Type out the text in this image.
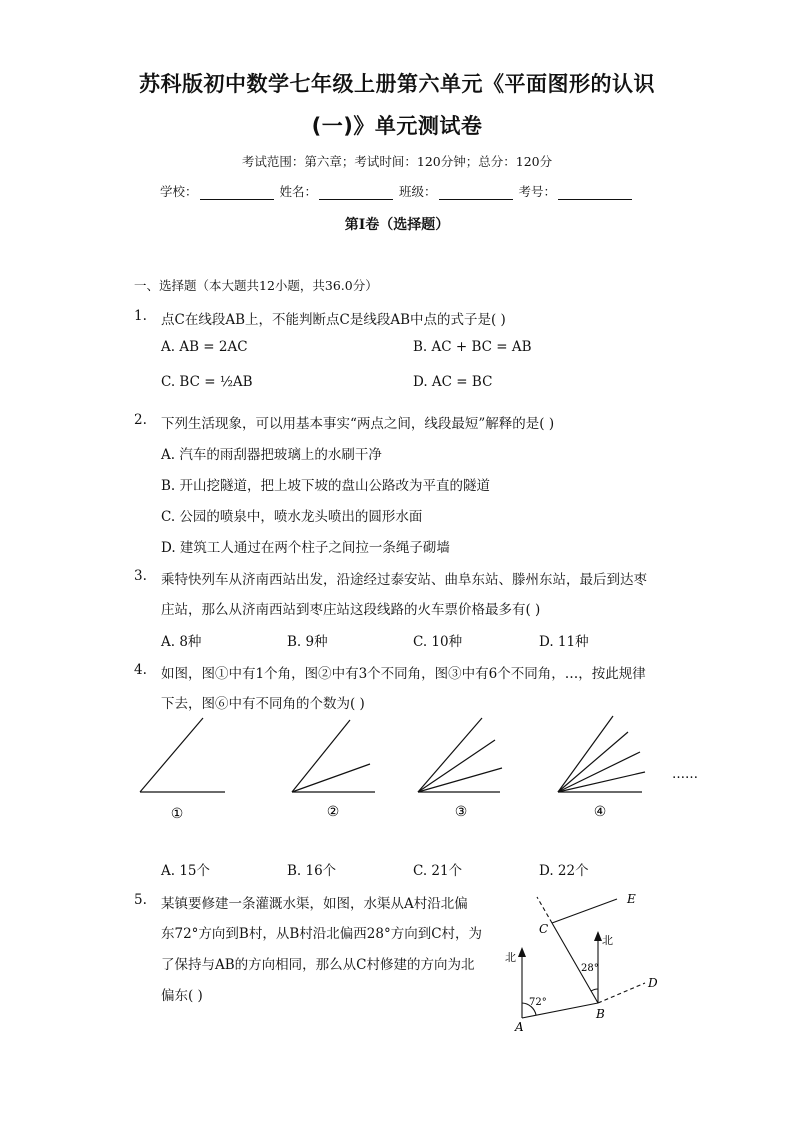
苏科版初中数学七年级上册第六单元《平面图形的认识
(一)》单元测试卷
考试范围：第六章；考试时间：120分钟；总分：120分
学校：	姓名：	班级：	考号：
第I卷（选择题）
一、选择题（本大题共12小题，共36.0分）
1. 点C在线段AB上，不能判断点C是线段AB中点的式子是( )
A. AB = 2AC	B. AC + BC = AB
C. BC = ½AB	D. AC = BC
2. 下列生活现象，可以用基本事实“两点之间，线段最短”解释的是( )
A. 汽车的雨刮器把玻璃上的水刷干净
B. 开山挖隧道，把上坡下坡的盘山公路改为平直的隧道
C. 公园的喷泉中，喷水龙头喷出的圆形水面
D. 建筑工人通过在两个柱子之间拉一条绳子砌墙
3. 乘特快列车从济南西站出发，沿途经过泰安站、曲阜东站、滕州东站，最后到达枣
庄站，那么从济南西站到枣庄站这段线路的火车票价格最多有( )
A. 8种	B. 9种	C. 10种	D. 11种
4. 如图，图①中有1个角，图②中有3个不同角，图③中有6个不同角，…，按此规律
下去，图⑥中有不同角的个数为( )
①	②	③	④
……
A. 15个	B. 16个	C. 21个	D. 22个
5. 某镇要修建一条灌溉水渠，如图，水渠从A村沿北偏
东72°方向到B村，从B村沿北偏西28°方向到C村，为
了保持与AB的方向相同，那么从C村修建的方向为北
偏东( )
E
C
北
北
28°
D
72°
A
B
